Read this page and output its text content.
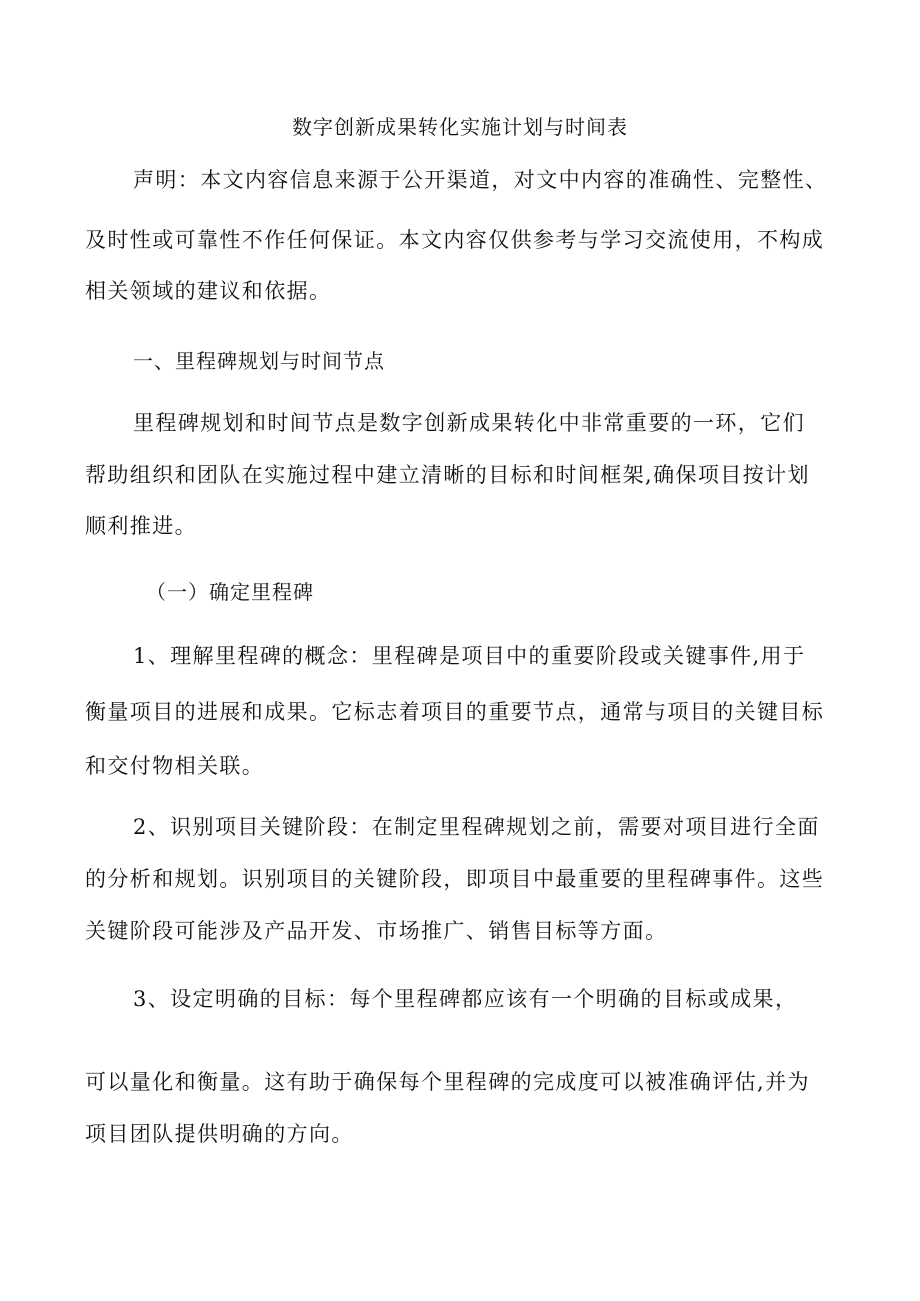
数字创新成果转化实施计划与时间表
声明：本文内容信息来源于公开渠道，对文中内容的准确性、完整性、
及时性或可靠性不作任何保证。本文内容仅供参考与学习交流使用，不构成
相关领域的建议和依据。
一、里程碑规划与时间节点
里程碑规划和时间节点是数字创新成果转化中非常重要的一环，它们
帮助组织和团队在实施过程中建立清晰的目标和时间框架,确保项目按计划
顺利推进。
（一）确定里程碑
1、理解里程碑的概念：里程碑是项目中的重要阶段或关键事件,用于
衡量项目的进展和成果。它标志着项目的重要节点，通常与项目的关键目标
和交付物相关联。
2、识别项目关键阶段：在制定里程碑规划之前，需要对项目进行全面
的分析和规划。识别项目的关键阶段，即项目中最重要的里程碑事件。这些
关键阶段可能涉及产品开发、市场推广、销售目标等方面。
3、设定明确的目标：每个里程碑都应该有一个明确的目标或成果，
可以量化和衡量。这有助于确保每个里程碑的完成度可以被准确评估,并为
项目团队提供明确的方向。
